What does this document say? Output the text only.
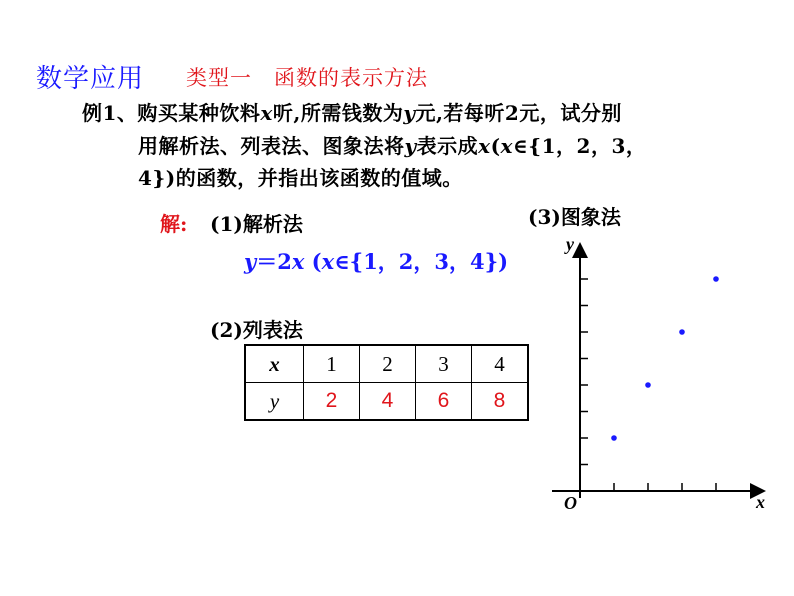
数学应用 类型一　函数的表示方法
例1、购买某种饮料x听,所需钱数为y元,若每听2元，试分别
用解析法、列表法、图象法将y表示成x(x∈{1，2，3，
4})的函数，并指出该函数的值域。
解: (1)解析法
y＝2x (x∈{1，2，3，4})
(2)列表法
x	1	2	3	4
y	2	4	6	8
(3)图象法
O	x
y
